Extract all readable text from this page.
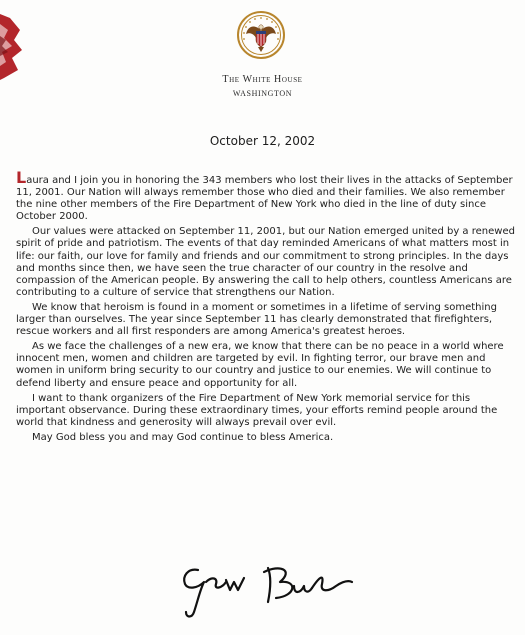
The White House
WASHINGTON
October 12, 2002

Laura and I join you in honoring the 343 members who lost their lives in the attacks of September 11, 2001. Our Nation will always remember those who died and their families. We also remember the nine other members of the Fire Department of New York who died in the line of duty since October 2000.

Our values were attacked on September 11, 2001, but our Nation emerged united by a renewed spirit of pride and patriotism. The events of that day reminded Americans of what matters most in life: our faith, our love for family and friends and our commitment to strong principles. In the days and months since then, we have seen the true character of our country in the resolve and compassion of the American people. By answering the call to help others, countless Americans are contributing to a culture of service that strengthens our Nation.

We know that heroism is found in a moment or sometimes in a lifetime of serving something larger than ourselves. The year since September 11 has clearly demonstrated that firefighters, rescue workers and all first responders are among America's greatest heroes.

As we face the challenges of a new era, we know that there can be no peace in a world where innocent men, women and children are targeted by evil. In fighting terror, our brave men and women in uniform bring security to our country and justice to our enemies. We will continue to defend liberty and ensure peace and opportunity for all.

I want to thank organizers of the Fire Department of New York memorial service for this important observance. During these extraordinary times, your efforts remind people around the world that kindness and generosity will always prevail over evil.

May God bless you and may God continue to bless America.
